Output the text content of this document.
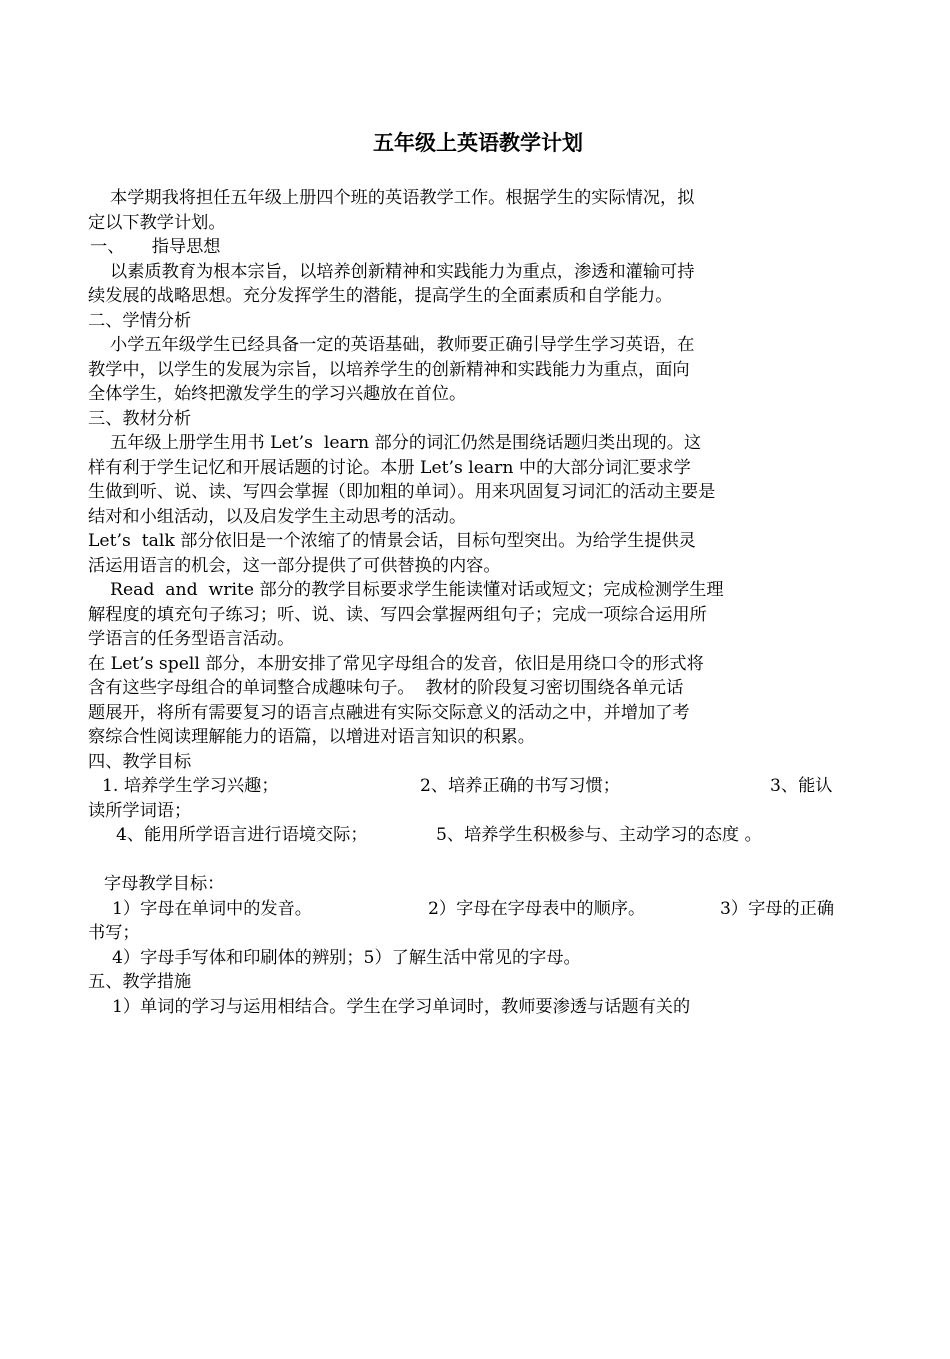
五年级上英语教学计划
本学期我将担任五年级上册四个班的英语教学工作。根据学生的实际情况，拟
定以下教学计划。
一、     指导思想
以素质教育为根本宗旨，以培养创新精神和实践能力为重点，渗透和灌输可持
续发展的战略思想。充分发挥学生的潜能，提高学生的全面素质和自学能力。
二、学情分析
小学五年级学生已经具备一定的英语基础，教师要正确引导学生学习英语，在
教学中，以学生的发展为宗旨，以培养学生的创新精神和实践能力为重点，面向
全体学生，始终把激发学生的学习兴趣放在首位。
三、教材分析
五年级上册学生用书 Let’s  learn 部分的词汇仍然是围绕话题归类出现的。这
样有利于学生记忆和开展话题的讨论。本册 Let’s learn 中的大部分词汇要求学
生做到听、说、读、写四会掌握（即加粗的单词）。用来巩固复习词汇的活动主要是
结对和小组活动，以及启发学生主动思考的活动。
Let’s  talk 部分依旧是一个浓缩了的情景会话，目标句型突出。为给学生提供灵
活运用语言的机会，这一部分提供了可供替换的内容。
Read  and  write 部分的教学目标要求学生能读懂对话或短文；完成检测学生理
解程度的填充句子练习；听、说、读、写四会掌握两组句子；完成一项综合运用所
学语言的任务型语言活动。
在 Let’s spell 部分，本册安排了常见字母组合的发音，依旧是用绕口令的形式将
含有这些字母组合的单词整合成趣味句子。  教材的阶段复习密切围绕各单元话
题展开，将所有需要复习的语言点融进有实际交际意义的活动之中，并增加了考
察综合性阅读理解能力的语篇，以增进对语言知识的积累。
四、教学目标
1. 培养学生学习兴趣；	2、培养正确的书写习惯；	3、能认
读所学词语；
4、能用所学语言进行语境交际；	5、培养学生积极参与、主动学习的态度 。
字母教学目标：
1）字母在单词中的发音。	2）字母在字母表中的顺序。	3）字母的正确
书写；
4）字母手写体和印刷体的辨别；5）了解生活中常见的字母。
五、教学措施
1）单词的学习与运用相结合。学生在学习单词时，教师要渗透与话题有关的
